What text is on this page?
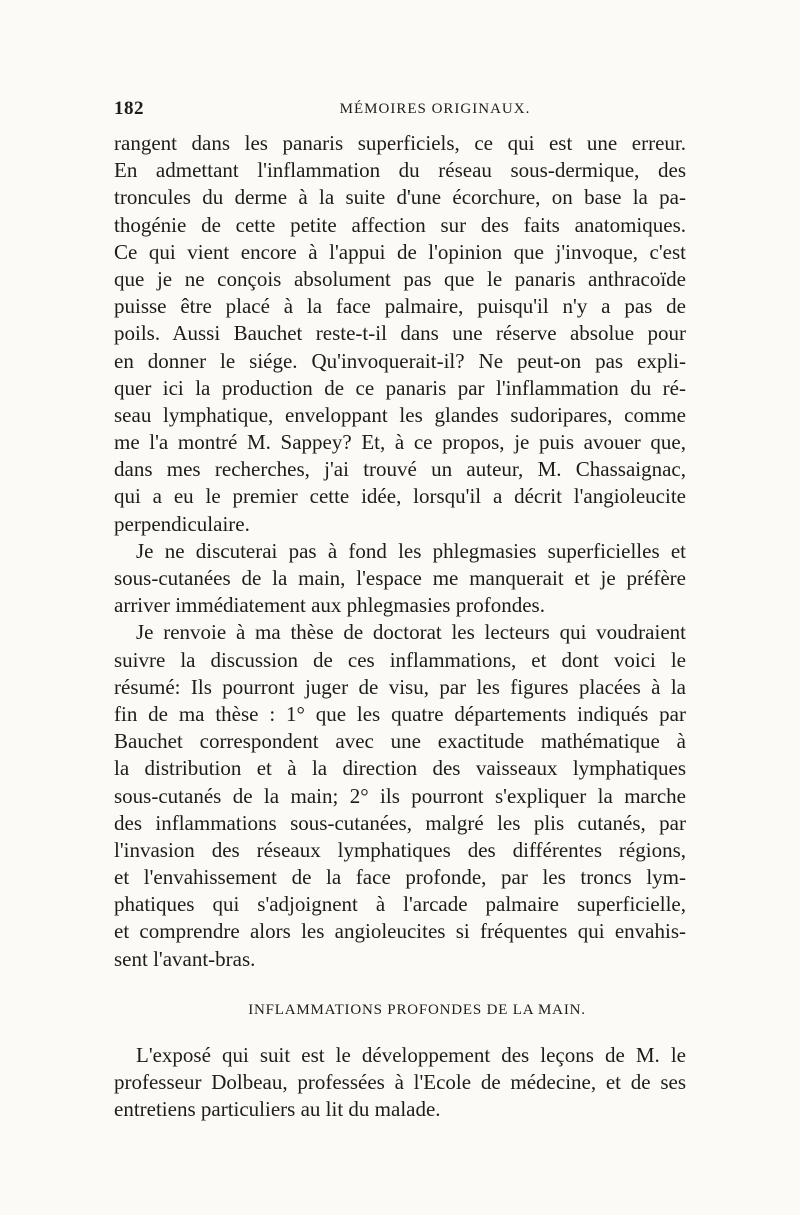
182	MÉMOIRES ORIGINAUX.
rangent dans les panaris superficiels, ce qui est une erreur.
En admettant l'inflammation du réseau sous-dermique, des
troncules du derme à la suite d'une écorchure, on base la pa-
thogénie de cette petite affection sur des faits anatomiques.
Ce qui vient encore à l'appui de l'opinion que j'invoque, c'est
que je ne conçois absolument pas que le panaris anthracoïde
puisse être placé à la face palmaire, puisqu'il n'y a pas de
poils. Aussi Bauchet reste-t-il dans une réserve absolue pour
en donner le siége. Qu'invoquerait-il? Ne peut-on pas expli-
quer ici la production de ce panaris par l'inflammation du ré-
seau lymphatique, enveloppant les glandes sudoripares, comme
me l'a montré M. Sappey? Et, à ce propos, je puis avouer que,
dans mes recherches, j'ai trouvé un auteur, M. Chassaignac,
qui a eu le premier cette idée, lorsqu'il a décrit l'angioleucite
perpendiculaire.
Je ne discuterai pas à fond les phlegmasies superficielles et
sous-cutanées de la main, l'espace me manquerait et je préfère
arriver immédiatement aux phlegmasies profondes.
Je renvoie à ma thèse de doctorat les lecteurs qui voudraient
suivre la discussion de ces inflammations, et dont voici le
résumé: Ils pourront juger de visu, par les figures placées à la
fin de ma thèse : 1° que les quatre départements indiqués par
Bauchet correspondent avec une exactitude mathématique à
la distribution et à la direction des vaisseaux lymphatiques
sous-cutanés de la main; 2° ils pourront s'expliquer la marche
des inflammations sous-cutanées, malgré les plis cutanés, par
l'invasion des réseaux lymphatiques des différentes régions,
et l'envahissement de la face profonde, par les troncs lym-
phatiques qui s'adjoignent à l'arcade palmaire superficielle,
et comprendre alors les angioleucites si fréquentes qui envahis-
sent l'avant-bras.
INFLAMMATIONS PROFONDES DE LA MAIN.
L'exposé qui suit est le développement des leçons de M. le
professeur Dolbeau, professées à l'Ecole de médecine, et de ses
entretiens particuliers au lit du malade.
